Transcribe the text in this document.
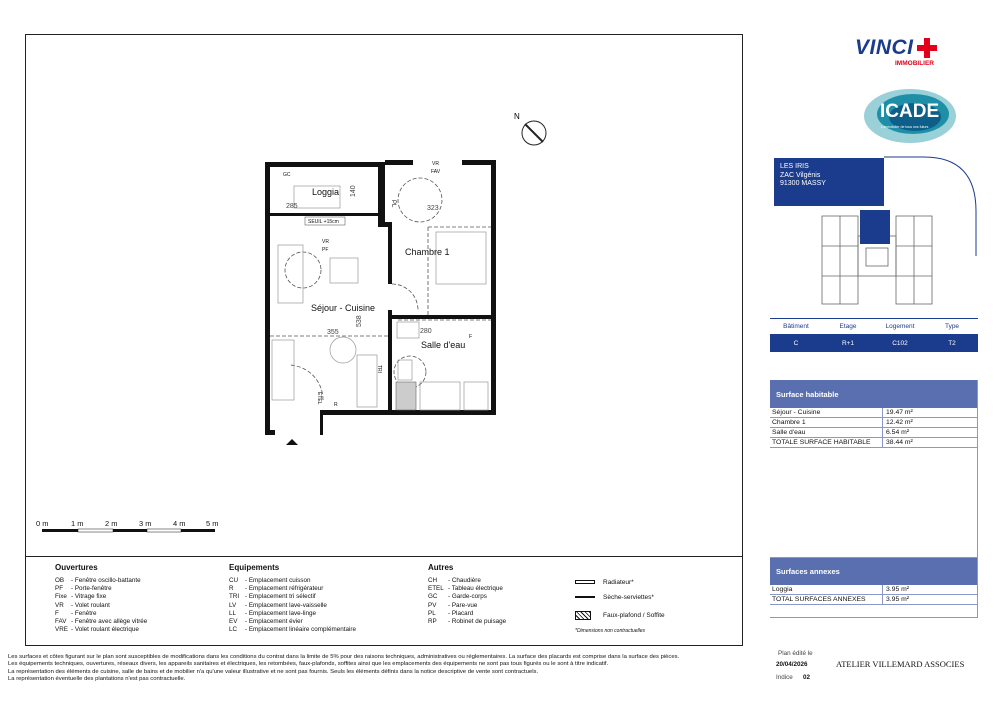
N
Loggia
285
140
Chambre 1
323
Séjour - Cuisine
355
538
Salle d'eau
280
GC
SEUIL +15cm
VR
PF
VR
FAV
PL
TRI
ETEL
R
F
0 m	1 m	2 m	3 m	4 m	5 m
Ouvertures
OB - Fenêtre oscillo-battante
PF - Porte-fenêtre
Fixe - Vitrage fixe
VR - Volet roulant
F - Fenêtre
FAV - Fenêtre avec allège vitrée
VRE - Volet roulant électrique
Equipements
CU - Emplacement cuisson
R - Emplacement réfrigérateur
TRI - Emplacement tri sélectif
LV - Emplacement lave-vaisselle
LL - Emplacement lave-linge
EV - Emplacement évier
LC - Emplacement linéaire complémentaire
Autres
CH - Chaudière
ETEL - Tableau électrique
GC - Garde-corps
PV - Pare-vue
PL - Placard
RP - Robinet de puisage
Radiateur*
Sèche-serviettes*
Faux-plafond / Soffite
*Dimensions non contractuelles

Les surfaces et côtes figurant sur le plan sont susceptibles de modifications dans les conditions du contrat dans la limite de 5% pour des raisons techniques, administratives ou réglementaires. La surface des placards est comprise dans la surface des pièces.

Les équipements techniques, ouvertures, réseaux divers, les appareils sanitaires et électriques, les retombées, faux-plafonds, soffites ainsi que les emplacements des équipements ne sont pas tous figurés ou le sont à titre indicatif.

La représentation des éléments de cuisine, salle de bains et de mobilier n'a qu'une valeur illustrative et ne sont pas fournis. Seuls les éléments définis dans la notice descriptive de vente sont contractuels.

La représentation éventuelle des plantations n'est pas contractuelle.

VINCI
IMMOBILIER
ICADE
L'immobilier de tous nos futurs
LES IRIS
ZAC Vilgénis
91300 MASSY
Bâtiment	Etage	Logement	Type
C	R+1	C102	T2
Surface habitable
Séjour - Cuisine	19.47 m²
Chambre 1	12.42 m²
Salle d'eau	6.54 m²
TOTALE SURFACE HABITABLE	38.44 m²
Surfaces annexes
Loggia	3.95 m²
TOTAL SURFACES ANNEXES	3.95 m²
Plan édité le
20/04/2026	ATELIER VILLEMARD ASSOCIES
Indice 02
